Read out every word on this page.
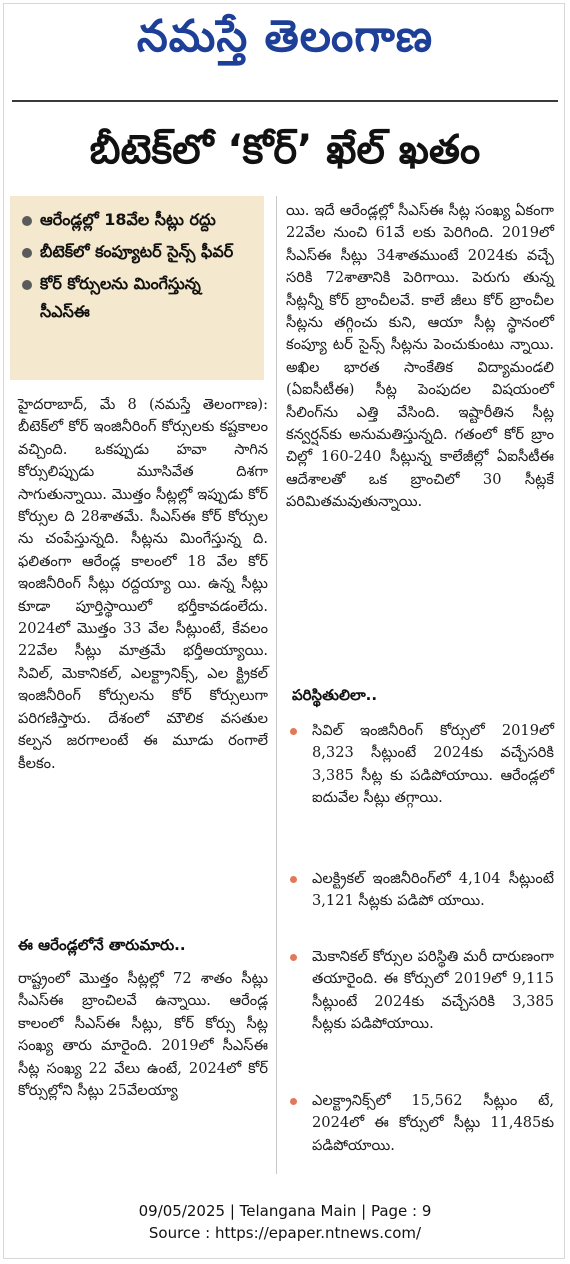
నమస్తే తెలంగాణ
బీటెక్‌లో ‘కోర్‌’ ఖేల్‌ ఖతం
ఆరేండ్లల్లో 18వేల సీట్లు రద్దు
బీటెక్‌లో కంప్యూటర్‌ సైన్స్‌ ఫీవర్‌
కోర్‌ కోర్సులను మింగేస్తున్న సీఎస్‌ఈ

హైదరాబాద్‌, మే 8 (నమస్తే తెలంగాణ): బీటెక్‌లో కోర్‌ ఇంజినీరింగ్‌ కోర్సులకు కష్టకాలం వచ్చింది. ఒకప్పుడు హవా సాగిన కోర్సులిప్పుడు మూసివేత దిశగా సాగుతున్నాయి. మొత్తం సీట్లల్లో ఇప్పుడు కోర్‌ కోర్సుల ది 28శాతమే. సీఎస్‌ఈ కోర్‌ కోర్సుల ను చంపేస్తున్నది. సీట్లను మింగేస్తున్న ది. ఫలితంగా ఆరేండ్ల కాలంలో 18 వేల కోర్‌ ఇంజినీరింగ్‌ సీట్లు రద్దయ్యా యి. ఉన్న సీట్లు కూడా పూర్తిస్థాయిలో భర్తీకావడంలేదు. 2024లో మొత్తం 33 వేల సీట్లుంటే, కేవలం 22వేల సీట్లు మాత్రమే భర్తీఅయ్యాయి. సివిల్‌, మెకానికల్‌, ఎలక్ట్రానిక్స్‌, ఎల క్ట్రికల్‌ ఇంజినీరింగ్‌ కోర్సులను కోర్‌ కోర్సులుగా పరిగణిస్తారు. దేశంలో మౌలిక వసతుల కల్పన జరగాలంటే ఈ మూడు రంగాలే కీలకం.

ఈ ఆరేండ్లలోనే తారుమారు..

రాష్ట్రంలో మొత్తం సీట్లల్లో 72 శాతం సీట్లు సీఎస్‌ఈ బ్రాంచిలవే ఉన్నాయి. ఆరేండ్ల కాలంలో సీఎస్‌ఈ సీట్లు, కోర్‌ కోర్సు సీట్ల సంఖ్య తారు మారైంది. 2019లో సీఎస్‌ఈ సీట్ల సంఖ్య 22 వేలు ఉంటే, 2024లో కోర్‌ కోర్సుల్లోని సీట్లు 25వేలయ్యా

యి. ఇదే ఆరేండ్లల్లో సీఎస్‌ఈ సీట్ల సంఖ్య ఏకంగా 22వేల నుంచి 61వే లకు పెరిగింది. 2019లో సీఎస్‌ఈ సీట్లు 34శాతముంటే 2024కు వచ్చే సరికి 72శాతానికి పెరిగాయి. పెరుగు తున్న సీట్లన్నీ కోర్‌ బ్రాంచీలవే. కాలే జీలు కోర్‌ బ్రాంచీల సీట్లను తగ్గించు కుని, ఆయా సీట్ల స్థానంలో కంప్యూ టర్‌ సైన్స్‌ సీట్లను పెంచుకుంటు న్నాయి. అఖిల భారత సాంకేతిక విద్యామండలి (ఏఐసీటీఈ) సీట్ల పెంపుదల విషయంలో సీలింగ్‌ను ఎత్తి వేసింది. ఇష్టారీతిన సీట్ల కన్వర్షన్‌కు అనుమతిస్తున్నది. గతంలో కోర్‌ బ్రాం చిల్లో 160-240 సీట్లున్న కాలేజీల్లో ఏఐసీటీఈ ఆదేశాలతో ఒక బ్రాంచిలో 30 సీట్లకే పరిమితమవుతున్నాయి.

పరిస్థితులిలా..
సివిల్‌ ఇంజినీరింగ్‌ కోర్సులో 2019లో 8,323 సీట్లుంటే 2024కు వచ్చేసరికి 3,385 సీట్ల కు పడిపోయాయి. ఆరేండ్లలో ఐదువేల సీట్లు తగ్గాయి.
ఎలక్ట్రికల్‌ ఇంజినీరింగ్‌లో 4,104 సీట్లుంటే 3,121 సీట్లకు పడిపో యాయి.
మెకానికల్‌ కోర్సుల పరిస్థితి మరీ దారుణంగా తయారైంది. ఈ కోర్సులో 2019లో 9,115 సీట్లుంటే 2024కు వచ్చేసరికి 3,385 సీట్లకు పడిపోయాయి.
ఎలక్ట్రానిక్స్‌లో 15,562 సీట్లుం టే, 2024లో ఈ కోర్సులో సీట్లు 11,485కు పడిపోయాయి.
09/05/2025 | Telangana Main | Page : 9
Source : https://epaper.ntnews.com/
